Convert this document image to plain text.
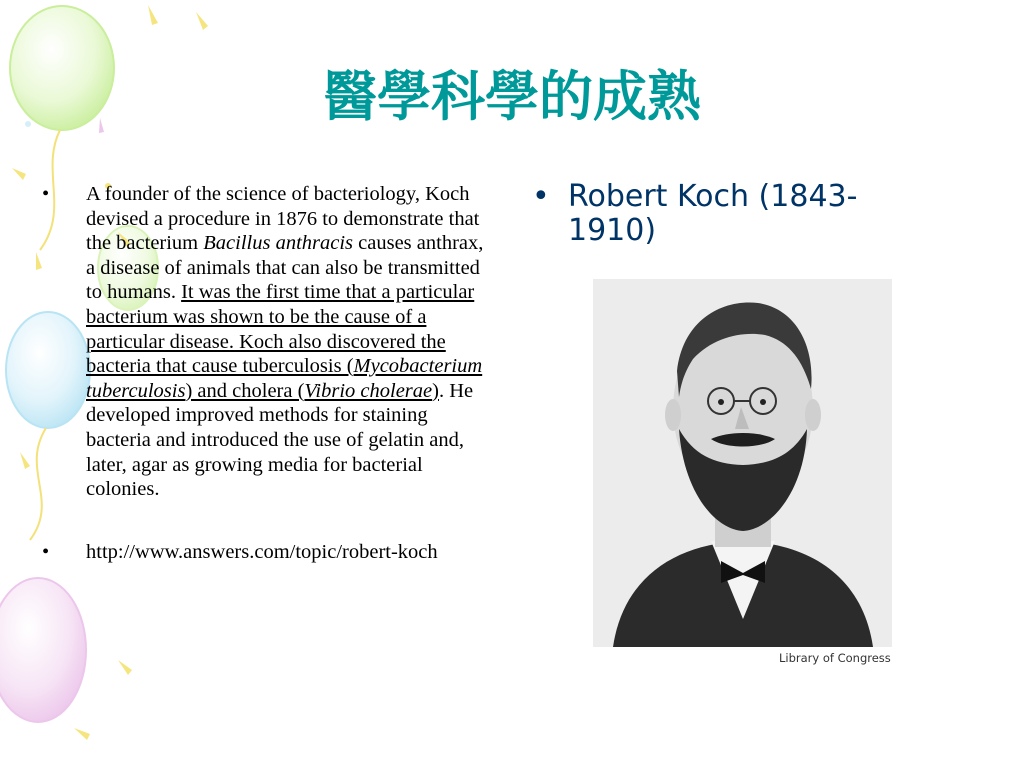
醫學科學的成熟
•	A founder of the science of bacteriology, Koch devised a procedure in 1876 to demonstrate that the bacterium Bacillus anthracis causes anthrax, a disease of animals that can also be transmitted to humans. It was the first time that a particular bacterium was shown to be the cause of a particular disease. Koch also discovered the bacteria that cause tuberculosis (Mycobacterium tuberculosis) and cholera (Vibrio cholerae). He developed improved methods for staining bacteria and introduced the use of gelatin and, later, agar as growing media for bacterial colonies.
•	http://www.answers.com/topic/robert-koch
• Robert Koch (1843-1910)
Library of Congress
